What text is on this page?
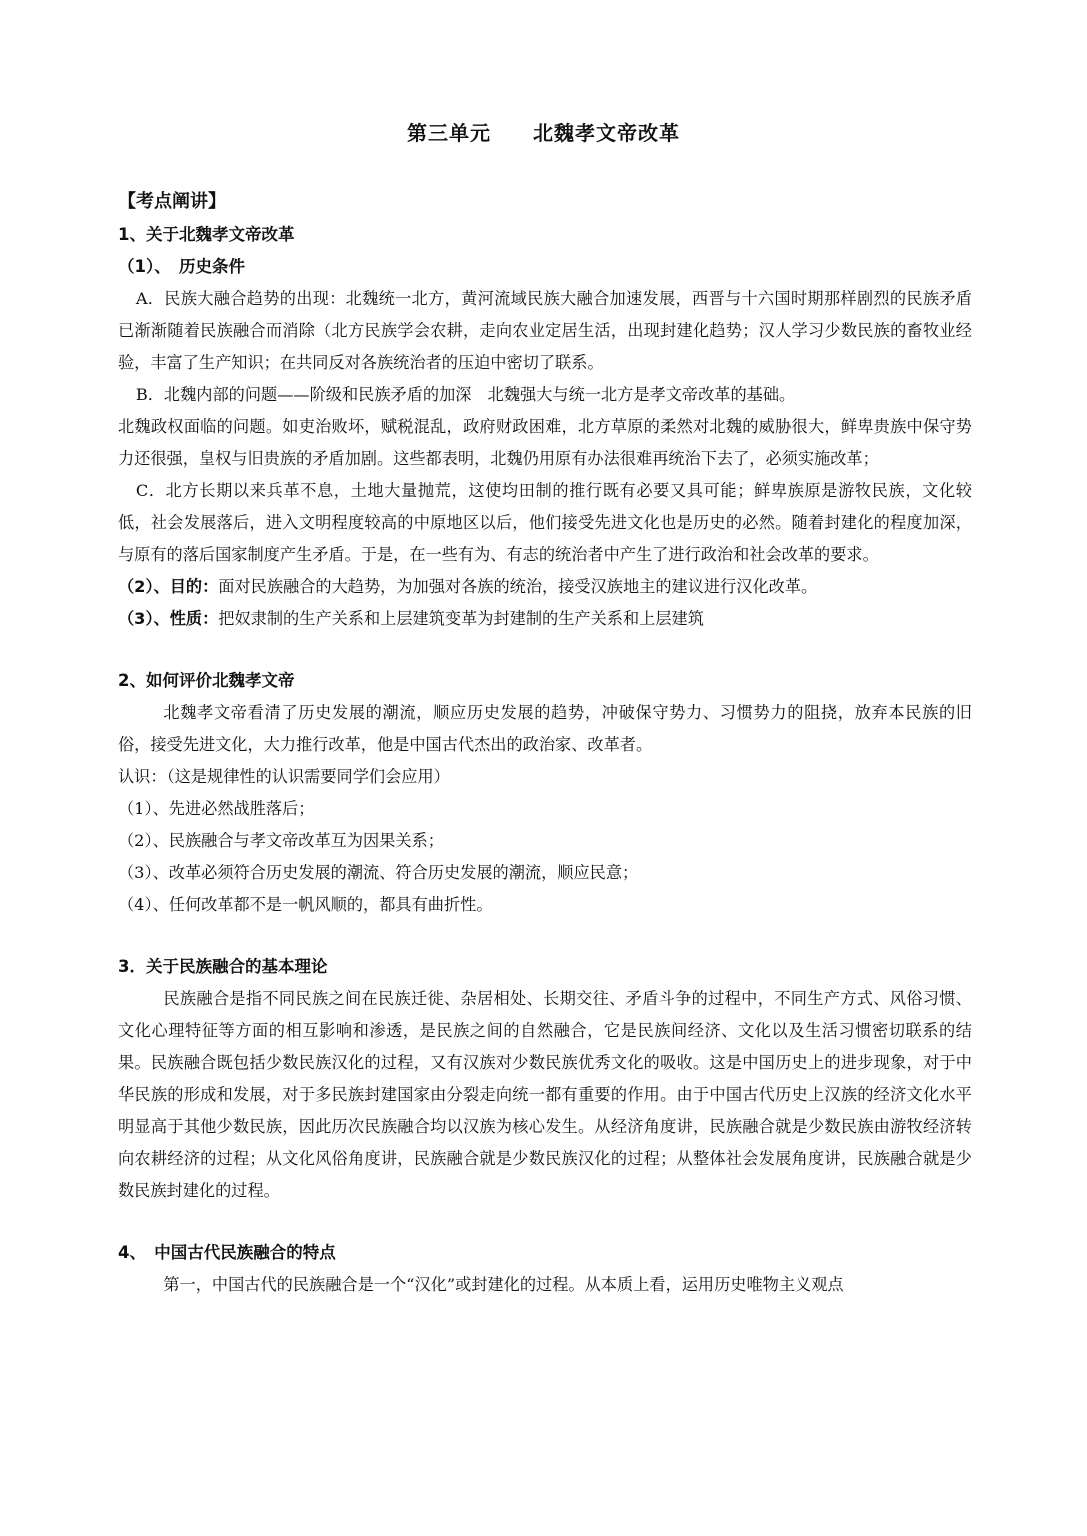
第三单元　　北魏孝文帝改革

【考点阐讲】

1、关于北魏孝文帝改革

（1）、　历史条件

A．民族大融合趋势的出现：北魏统一北方，黄河流域民族大融合加速发展，西晋与十六国时期那样剧烈的民族矛盾已渐渐随着民族融合而消除（北方民族学会农耕，走向农业定居生活，出现封建化趋势；汉人学习少数民族的畜牧业经验，丰富了生产知识；在共同反对各族统治者的压迫中密切了联系。

B．北魏内部的问题——阶级和民族矛盾的加深　北魏强大与统一北方是孝文帝改革的基础。

北魏政权面临的问题。如吏治败坏，赋税混乱，政府财政困难，北方草原的柔然对北魏的威胁很大，鲜卑贵族中保守势力还很强，皇权与旧贵族的矛盾加剧。这些都表明，北魏仍用原有办法很难再统治下去了，必须实施改革；

C．北方长期以来兵革不息，土地大量抛荒，这使均田制的推行既有必要又具可能；鲜卑族原是游牧民族，文化较低，社会发展落后，进入文明程度较高的中原地区以后，他们接受先进文化也是历史的必然。随着封建化的程度加深，与原有的落后国家制度产生矛盾。于是，在一些有为、有志的统治者中产生了进行政治和社会改革的要求。

（2）、目的：面对民族融合的大趋势，为加强对各族的统治，接受汉族地主的建议进行汉化改革。

（3）、性质：把奴隶制的生产关系和上层建筑变革为封建制的生产关系和上层建筑

2、如何评价北魏孝文帝

北魏孝文帝看清了历史发展的潮流，顺应历史发展的趋势，冲破保守势力、习惯势力的阻挠，放弃本民族的旧俗，接受先进文化，大力推行改革，他是中国古代杰出的政治家、改革者。

认识：（这是规律性的认识需要同学们会应用）

（1）、先进必然战胜落后；

（2）、民族融合与孝文帝改革互为因果关系；

（3）、改革必须符合历史发展的潮流、符合历史发展的潮流，顺应民意；

（4）、任何改革都不是一帆风顺的，都具有曲折性。

3．关于民族融合的基本理论

民族融合是指不同民族之间在民族迁徙、杂居相处、长期交往、矛盾斗争的过程中，不同生产方式、风俗习惯、文化心理特征等方面的相互影响和渗透，是民族之间的自然融合，它是民族间经济、文化以及生活习惯密切联系的结果。民族融合既包括少数民族汉化的过程，又有汉族对少数民族优秀文化的吸收。这是中国历史上的进步现象，对于中华民族的形成和发展，对于多民族封建国家由分裂走向统一都有重要的作用。由于中国古代历史上汉族的经济文化水平明显高于其他少数民族，因此历次民族融合均以汉族为核心发生。从经济角度讲，民族融合就是少数民族由游牧经济转向农耕经济的过程；从文化风俗角度讲，民族融合就是少数民族汉化的过程；从整体社会发展角度讲，民族融合就是少数民族封建化的过程。

4、　中国古代民族融合的特点

第一，中国古代的民族融合是一个“汉化”或封建化的过程。从本质上看，运用历史唯物主义观点
